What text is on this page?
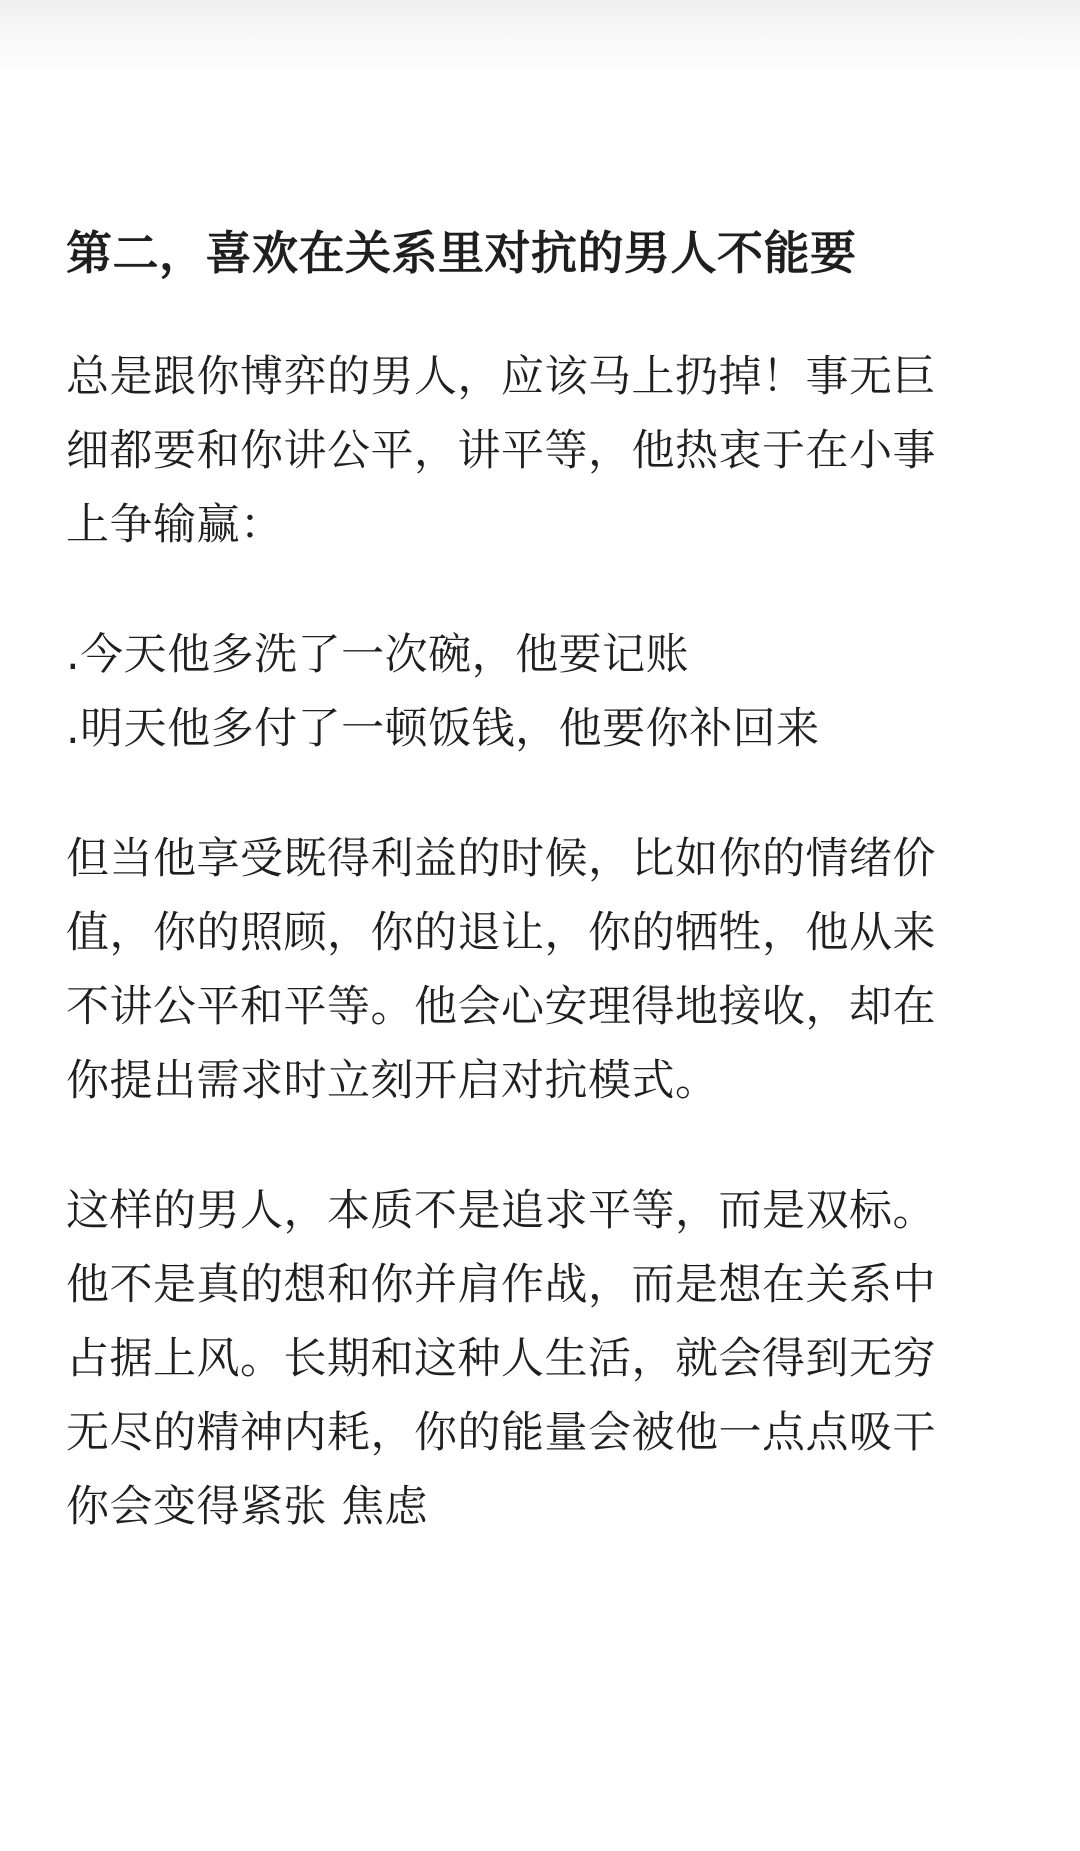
第二，喜欢在关系里对抗的男人不能要
总是跟你博弈的男人，应该马上扔掉！事无巨
细都要和你讲公平，讲平等，他热衷于在小事
上争输赢：
.今天他多洗了一次碗，他要记账
.明天他多付了一顿饭钱，他要你补回来
但当他享受既得利益的时候，比如你的情绪价
值，你的照顾，你的退让，你的牺牲，他从来
不讲公平和平等。他会心安理得地接收，却在
你提出需求时立刻开启对抗模式。
这样的男人，本质不是追求平等，而是双标。
他不是真的想和你并肩作战，而是想在关系中
占据上风。长期和这种人生活，就会得到无穷
无尽的精神内耗，你的能量会被他一点点吸干
你会变得紧张 焦虑
